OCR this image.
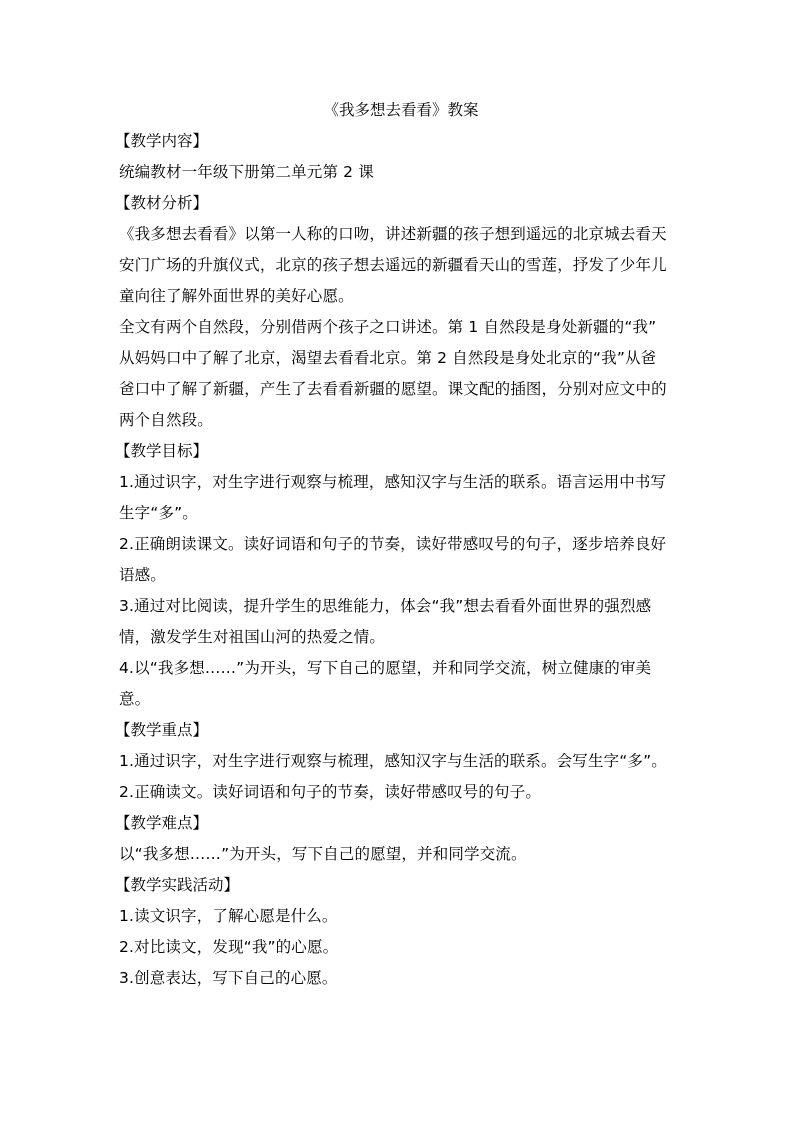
《我多想去看看》教案
【教学内容】
统编教材一年级下册第二单元第 2 课
【教材分析】
《我多想去看看》以第一人称的口吻，讲述新疆的孩子想到遥远的北京城去看天
安门广场的升旗仪式，北京的孩子想去遥远的新疆看天山的雪莲，抒发了少年儿
童向往了解外面世界的美好心愿。
全文有两个自然段，分别借两个孩子之口讲述。第 1 自然段是身处新疆的“我”
从妈妈口中了解了北京，渴望去看看北京。第 2 自然段是身处北京的“我”从爸
爸口中了解了新疆，产生了去看看新疆的愿望。课文配的插图，分别对应文中的
两个自然段。
【教学目标】
1.通过识字，对生字进行观察与梳理，感知汉字与生活的联系。语言运用中书写
生字“多”。
2.正确朗读课文。读好词语和句子的节奏，读好带感叹号的句子，逐步培养良好
语感。
3.通过对比阅读，提升学生的思维能力，体会“我”想去看看外面世界的强烈感
情，激发学生对祖国山河的热爱之情。
4.以“我多想……”为开头，写下自己的愿望，并和同学交流，树立健康的审美
意。
【教学重点】
1.通过识字，对生字进行观察与梳理，感知汉字与生活的联系。会写生字“多”。
2.正确读文。读好词语和句子的节奏，读好带感叹号的句子。
【教学难点】
以“我多想……”为开头，写下自己的愿望，并和同学交流。
【教学实践活动】
1.读文识字，了解心愿是什么。
2.对比读文，发现“我”的心愿。
3.创意表达，写下自己的心愿。
